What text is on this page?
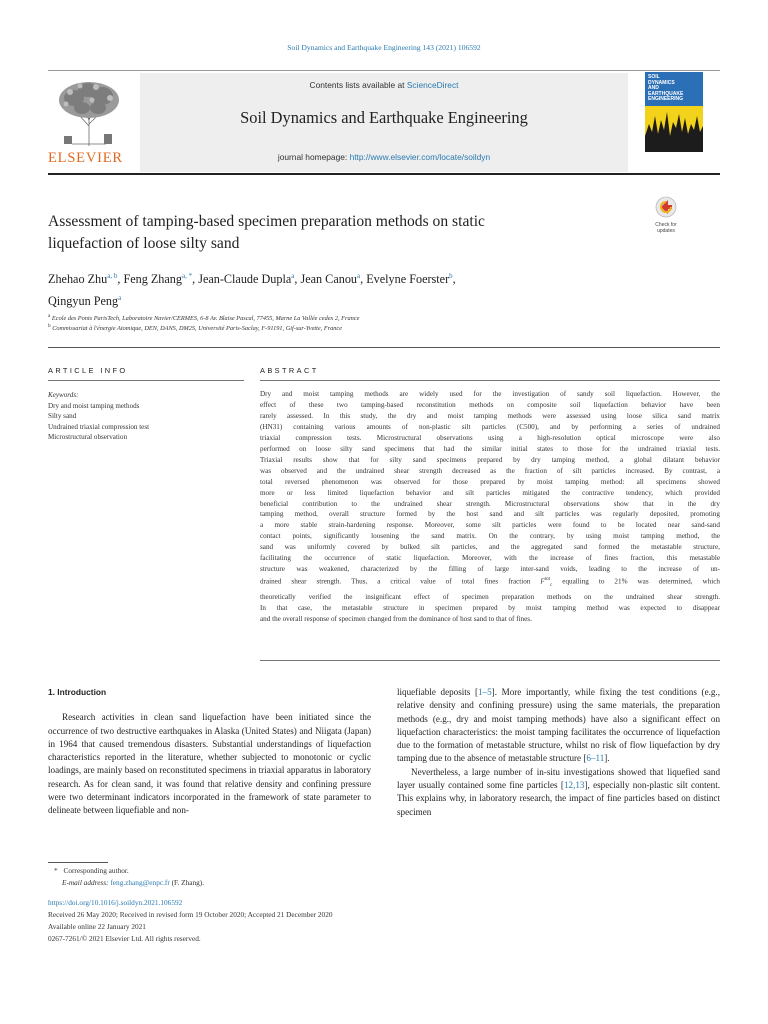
Soil Dynamics and Earthquake Engineering 143 (2021) 106592
Contents lists available at ScienceDirect
Soil Dynamics and Earthquake Engineering
journal homepage: http://www.elsevier.com/locate/soildyn
ELSEVIER
SOIL
DYNAMICS
AND
EARTHQUAKE
ENGINEERING
Check for
updates
Assessment of tamping-based specimen preparation methods on static
liquefaction of loose silty sand
Zhehao Zhu$^{a, b}$, Feng Zhang$^{a, *}$, Jean-Claude Dupla$^a$, Jean Canou$^a$, Evelyne Foerster$^b$,
Qingyun Peng$^a$
$^a$ Ecole des Ponts ParisTech, Laboratoire Navier/CERMES, 6-8 Av. Blaise Pascal, 77455, Marne La Vallée cedex 2, France
$^b$ Commissariat à l'énergie Atomique, DEN, DANS, DM2S, Université Paris-Saclay, F-91191, Gif-sur-Yvette, France
ARTICLE INFO
Keywords:
Dry and moist tamping methods
Silty sand
Undrained triaxial compression test
Microstructural observation
ABSTRACT
Dry and moist tamping methods are widely used for the investigation of sandy soil liquefaction. However, the
effect of these two tamping-based reconstitution methods on composite soil liquefaction behavior have been
rarely assessed. In this study, the dry and moist tamping methods were assessed using loose silica sand matrix
(HN31) containing various amounts of non-plastic silt particles (C500), and by performing a series of undrained
triaxial compression tests. Microstructural observations using a high-resolution optical microscope were also
performed on loose silty sand specimens that had the similar initial states to those for the undrained triaxial tests.
Triaxial results show that for silty sand specimens prepared by dry tamping method, a global dilatant behavior
was observed and the undrained shear strength decreased as the fraction of silt particles increased. By contrast, a
total reversed phenomenon was observed for those prepared by moist tamping method: all specimens showed
more or less limited liquefaction behavior and silt particles mitigated the contractive tendency, which provided
beneficial contribution to the undrained shear strength. Microstructural observations show that in the dry
tamping method, overall structure formed by the host sand and silt particles was regularly deposited, promoting
a more stable strain-hardening response. Moreover, some silt particles were found to be located near sand-sand
contact points, significantly loosening the sand matrix. On the contrary, by using moist tamping method, the
sand was uniformly covered by bulked silt particles, and the aggregated sand formed the metastable structure,
facilitating the occurrence of static liquefaction. Moreover, with the increase of fines fraction, this metastable
structure was weakened, characterized by the filling of large inter-sand voids, leading to the increase of un-
drained shear strength. Thus, a critical value of total fines fraction $F^{tot}_c$ equalling to 21% was determined, which
theoretically verified the insignificant effect of specimen preparation methods on the undrained shear strength.
In that case, the metastable structure in specimen prepared by moist tamping method was expected to disappear
and the overall response of specimen changed from the dominance of host sand to that of fines.

1. Introduction

Research activities in clean sand liquefaction have been initiated since the occurrence of two destructive earthquakes in Alaska (United States) and Niigata (Japan) in 1964 that caused tremendous disasters. Substantial understandings of liquefaction characteristics reported in the literature, whether subjected to monotonic or cyclic loadings, are mainly based on reconstituted specimens in triaxial apparatus in laboratory research. As for clean sand, it was found that relative density and confining pressure were two determinant indicators incorporated in the framework of state parameter to delineate between liquefiable and non-

liquefiable deposits [1–5]. More importantly, while fixing the test conditions (e.g., relative density and confining pressure) using the same materials, the preparation methods (e.g., dry and moist tamping methods) have also a significant effect on liquefaction characteristics: the moist tamping facilitates the occurrence of liquefaction due to the formation of metastable structure, whilst no risk of flow liquefaction by dry tamping due to the absence of metastable structure [6–11].

Nevertheless, a large number of in-situ investigations showed that liquefied sand layer usually contained some fine particles [12,13], especially non-plastic silt content. This explains why, in laboratory research, the impact of fine particles based on distinct specimen

* Corresponding author.
E-mail address: feng.zhang@enpc.fr (F. Zhang).
https://doi.org/10.1016/j.soildyn.2021.106592
Received 26 May 2020; Received in revised form 19 October 2020; Accepted 21 December 2020
Available online 22 January 2021
0267-7261/© 2021 Elsevier Ltd. All rights reserved.
